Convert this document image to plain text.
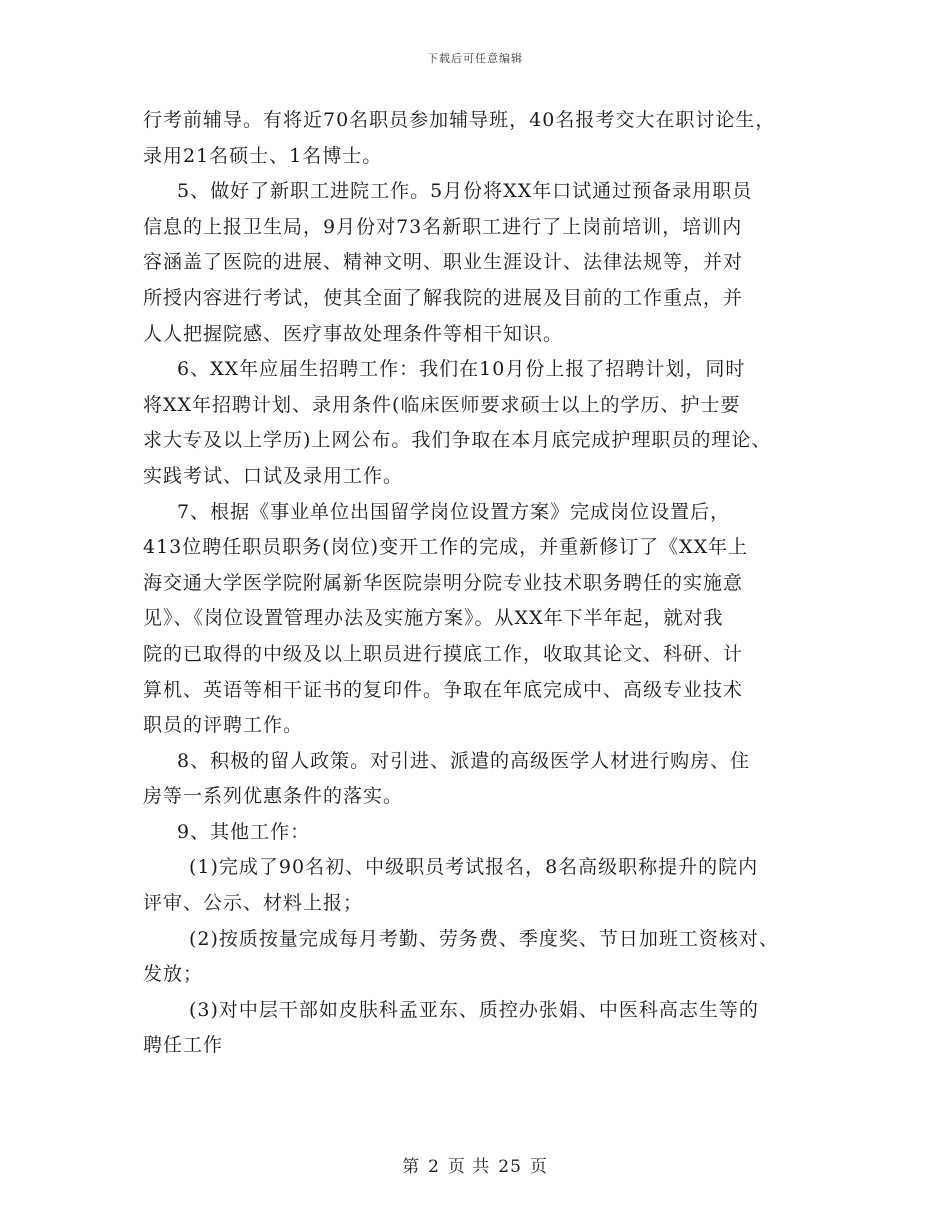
下载后可任意编辑
行考前辅导。有将近70名职员参加辅导班，40名报考交大在职讨论生，
录用21名硕士、1名博士。
5、做好了新职工进院工作。5月份将XX年口试通过预备录用职员
信息的上报卫生局，9月份对73名新职工进行了上岗前培训，培训内
容涵盖了医院的进展、精神文明、职业生涯设计、法律法规等，并对
所授内容进行考试，使其全面了解我院的进展及目前的工作重点，并
人人把握院感、医疗事故处理条件等相干知识。
6、XX年应届生招聘工作：我们在10月份上报了招聘计划，同时
将XX年招聘计划、录用条件(临床医师要求硕士以上的学历、护士要
求大专及以上学历)上网公布。我们争取在本月底完成护理职员的理论、
实践考试、口试及录用工作。
7、根据《事业单位出国留学岗位设置方案》完成岗位设置后，
413位聘任职员职务(岗位)变开工作的完成，并重新修订了《XX年上
海交通大学医学院附属新华医院崇明分院专业技术职务聘任的实施意
见》、《岗位设置管理办法及实施方案》。从XX年下半年起，就对我
院的已取得的中级及以上职员进行摸底工作，收取其论文、科研、计
算机、英语等相干证书的复印件。争取在年底完成中、高级专业技术
职员的评聘工作。
8、积极的留人政策。对引进、派遣的高级医学人材进行购房、住
房等一系列优惠条件的落实。
9、其他工作：
(1)完成了90名初、中级职员考试报名，8名高级职称提升的院内
评审、公示、材料上报；
(2)按质按量完成每月考勤、劳务费、季度奖、节日加班工资核对、
发放；
(3)对中层干部如皮肤科孟亚东、质控办张娟、中医科高志生等的
聘任工作
第 2 页 共 25 页
